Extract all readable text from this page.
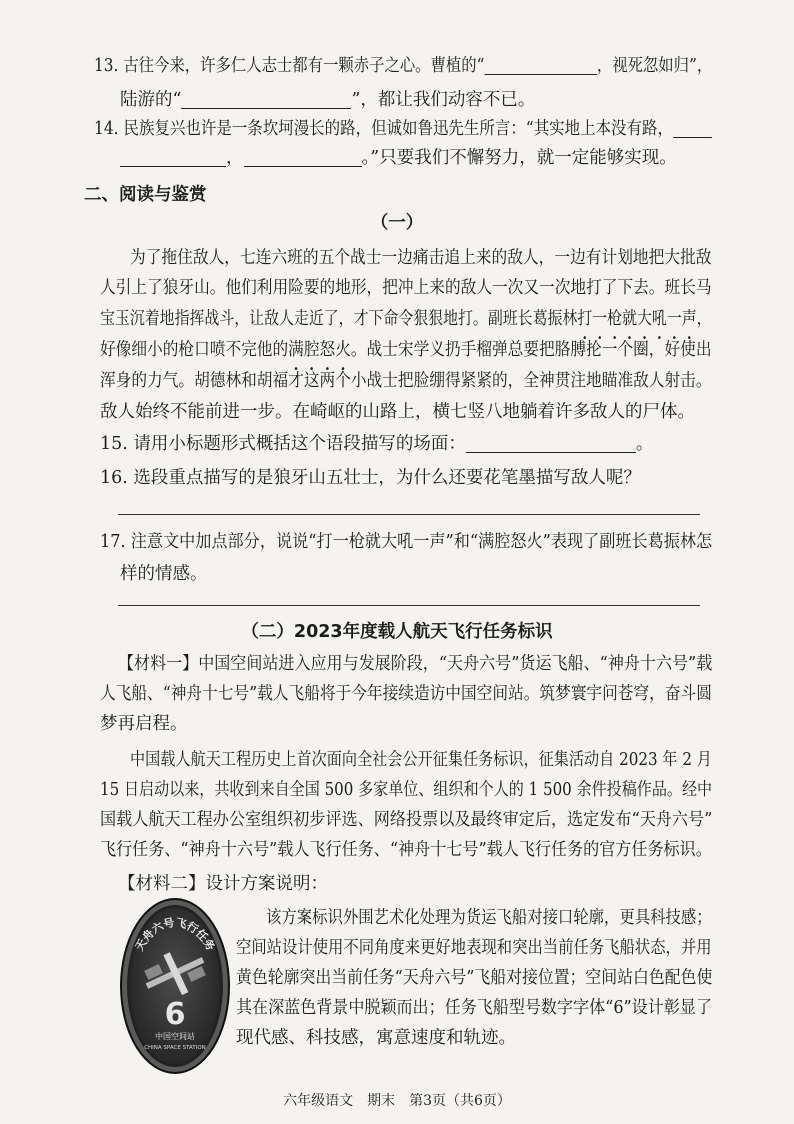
13. 古往今来，许多仁人志士都有一颗赤子之心。曹植的“	，视死忽如归”，
陆游的“	”，都让我们动容不已。
14. 民族复兴也许是一条坎坷漫长的路，但诚如鲁迅先生所言：“其实地上本没有路，
，	。”只要我们不懈努力，就一定能够实现。
二、阅读与鉴赏
（一）
为了拖住敌人，七连六班的五个战士一边痛击追上来的敌人，一边有计划地把大批敌
人引上了狼牙山。他们利用险要的地形，把冲上来的敌人一次又一次地打了下去。班长马
宝玉沉着地指挥战斗，让敌人走近了，才下命令狠狠地打。副班长葛振林打一枪就大吼一声，
好像细小的枪口喷不完他的满腔怒火。战士宋学义扔手榴弹总要把胳膊抡一个圈，好使出
浑身的力气。胡德林和胡福才这两个小战士把脸绷得紧紧的，全神贯注地瞄准敌人射击。
敌人始终不能前进一步。在崎岖的山路上，横七竖八地躺着许多敌人的尸体。
15. 请用小标题形式概括这个语段描写的场面：	。
16. 选段重点描写的是狼牙山五壮士，为什么还要花笔墨描写敌人呢？
17. 注意文中加点部分，说说“打一枪就大吼一声”和“满腔怒火”表现了副班长葛振林怎
样的情感。
（二）2023年度载人航天飞行任务标识
【材料一】中国空间站进入应用与发展阶段，“天舟六号”货运飞船、“神舟十六号”载
人飞船、“神舟十七号”载人飞船将于今年接续造访中国空间站。筑梦寰宇问苍穹，奋斗圆
梦再启程。
中国载人航天工程历史上首次面向全社会公开征集任务标识，征集活动自 2023 年 2 月
15 日启动以来，共收到来自全国 500 多家单位、组织和个人的 1 500 余件投稿作品。经中
国载人航天工程办公室组织初步评选、网络投票以及最终审定后，选定发布“天舟六号”
飞行任务、“神舟十六号”载人飞行任务、“神舟十七号”载人飞行任务的官方任务标识。
【材料二】设计方案说明：
天舟六号飞行任务
6
中国空间站
CHINA SPACE STATION
该方案标识外围艺术化处理为货运飞船对接口轮廓，更具科技感；
空间站设计使用不同角度来更好地表现和突出当前任务飞船状态，并用
黄色轮廓突出当前任务“天舟六号”飞船对接位置；空间站白色配色使
其在深蓝色背景中脱颖而出；任务飞船型号数字字体“6”设计彰显了
现代感、科技感，寓意速度和轨迹。
六年级语文　期末　第3页（共6页）
